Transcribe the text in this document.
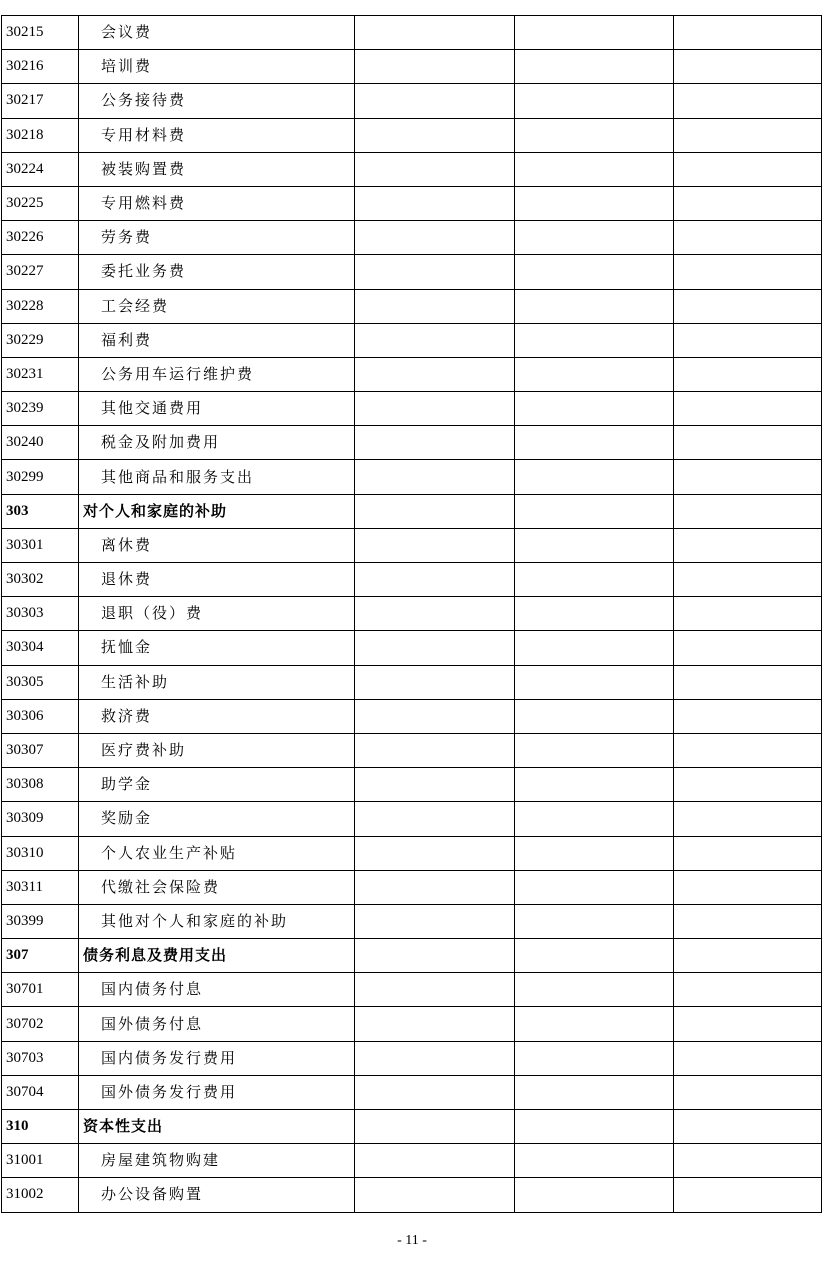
30215	会议费			
30216	培训费			
30217	公务接待费			
30218	专用材料费			
30224	被装购置费			
30225	专用燃料费			
30226	劳务费			
30227	委托业务费			
30228	工会经费			
30229	福利费			
30231	公务用车运行维护费			
30239	其他交通费用			
30240	税金及附加费用			
30299	其他商品和服务支出			
303	对个人和家庭的补助			
30301	离休费			
30302	退休费			
30303	退职（役）费			
30304	抚恤金			
30305	生活补助			
30306	救济费			
30307	医疗费补助			
30308	助学金			
30309	奖励金			
30310	个人农业生产补贴			
30311	代缴社会保险费			
30399	其他对个人和家庭的补助			
307	债务利息及费用支出			
30701	国内债务付息			
30702	国外债务付息			
30703	国内债务发行费用			
30704	国外债务发行费用			
310	资本性支出			
31001	房屋建筑物购建			
31002	办公设备购置			
- 11 -
